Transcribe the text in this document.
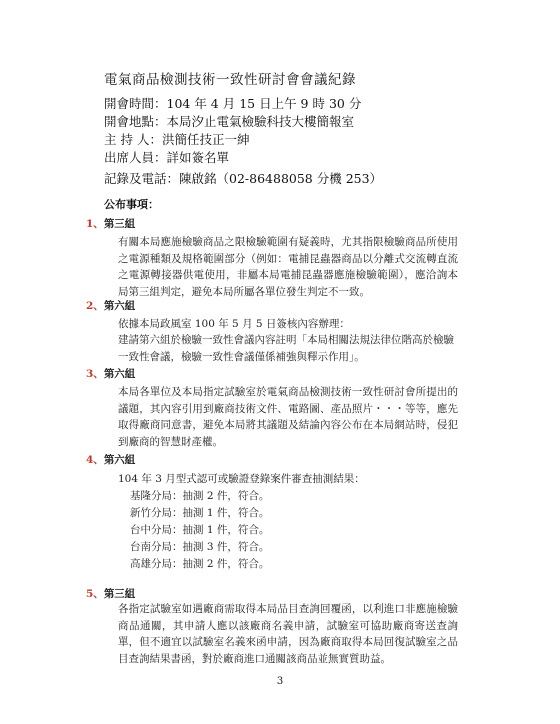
電氣商品檢測技術一致性研討會會議紀錄
開會時間：104 年 4 月 15 日上午 9 時 30 分
開會地點：本局汐止電氣檢驗科技大樓簡報室
主 持 人：洪簡任技正一紳
出席人員：詳如簽名單
記錄及電話：陳啟銘（02-86488058 分機 253）
公布事項：
1、第三組
有關本局應施檢驗商品之限檢驗範圍有疑義時，尤其指限檢驗商品所使用之電源種類及規格範圍部分（例如：電捕昆蟲器商品以分離式交流轉直流之電源轉接器供電使用，非屬本局電捕昆蟲器應施檢驗範圍），應洽詢本局第三組判定，避免本局所屬各單位發生判定不一致。
2、第六組
依據本局政風室 100 年 5 月 5 日簽核內容辦理：
建請第六組於檢驗一致性會議內容註明「本局相關法規法律位階高於檢驗一致性會議，檢驗一致性會議僅係補強與釋示作用」。
3、第六組
本局各單位及本局指定試驗室於電氣商品檢測技術一致性研討會所提出的議題，其內容引用到廠商技術文件、電路圖、產品照片・・・等等，應先取得廠商同意書，避免本局將其議題及結論內容公布在本局網站時，侵犯到廠商的智慧財產權。
4、第六組
104 年 3 月型式認可或驗證登錄案件審查抽測結果：
基隆分局：抽測 2 件，符合。
新竹分局：抽測 1 件，符合。
台中分局：抽測 1 件，符合。
台南分局：抽測 3 件，符合。
高雄分局：抽測 2 件，符合。
5、第三組
各指定試驗室如遇廠商需取得本局品目查詢回覆函，以利進口非應施檢驗商品通關，其申請人應以該廠商名義申請，試驗室可協助廠商寄送查詢單，但不適宜以試驗室名義來函申請，因為廠商取得本局回復試驗室之品目查詢結果書函，對於廠商進口通關該商品並無實質助益。
3
